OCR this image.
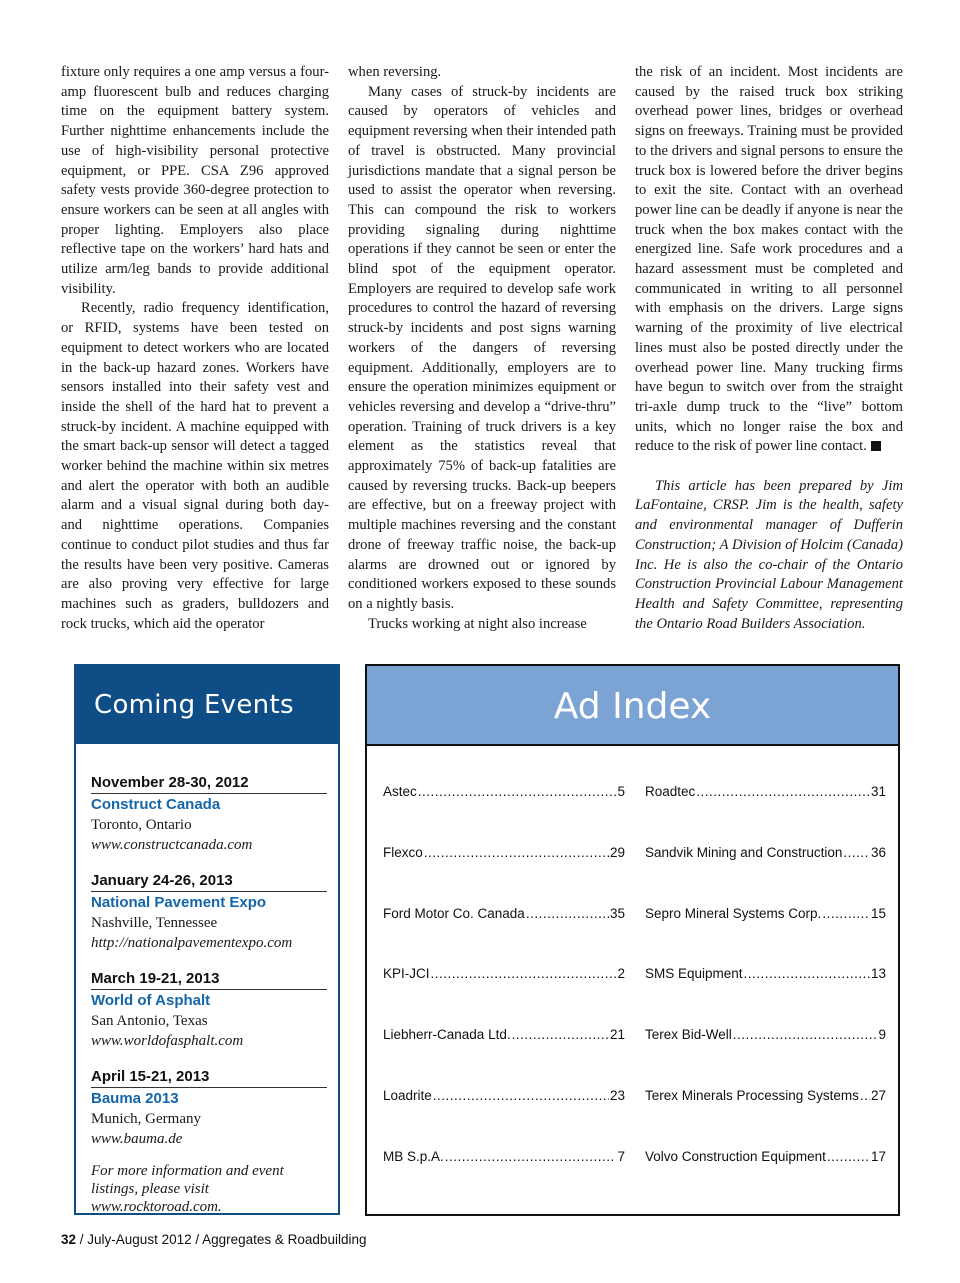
fixture only requires a one amp versus a four-amp fluorescent bulb and reduces charging time on the equipment battery system. Further nighttime enhancements include the use of high-visibility personal protective equipment, or PPE. CSA Z96 approved safety vests provide 360-degree protection to ensure workers can be seen at all angles with proper lighting. Employers also place reflective tape on the workers’ hard hats and utilize arm/leg bands to provide additional visibility.

Recently, radio frequency identification, or RFID, systems have been tested on equipment to detect workers who are located in the back-up hazard zones. Workers have sensors installed into their safety vest and inside the shell of the hard hat to prevent a struck-by incident. A machine equipped with the smart back-up sensor will detect a tagged worker behind the machine within six metres and alert the operator with both an audible alarm and a visual signal during both day- and nighttime operations. Companies continue to conduct pilot studies and thus far the results have been very positive. Cameras are also proving very effective for large machines such as graders, bulldozers and rock trucks, which aid the operator

when reversing.

Many cases of struck-by incidents are caused by operators of vehicles and equipment reversing when their intended path of travel is obstructed. Many provincial jurisdictions mandate that a signal person be used to assist the operator when reversing. This can compound the risk to workers providing signaling during nighttime operations if they cannot be seen or enter the blind spot of the equipment operator. Employers are required to develop safe work procedures to control the hazard of reversing struck-by incidents and post signs warning workers of the dangers of reversing equipment. Additionally, employers are to ensure the operation minimizes equipment or vehicles reversing and develop a “drive-thru” operation. Training of truck drivers is a key element as the statistics reveal that approximately 75% of back-up fatalities are caused by reversing trucks. Back-up beepers are effective, but on a freeway project with multiple machines reversing and the constant drone of freeway traffic noise, the back-up alarms are drowned out or ignored by conditioned workers exposed to these sounds on a nightly basis.

Trucks working at night also increase

the risk of an incident. Most incidents are caused by the raised truck box striking overhead power lines, bridges or overhead signs on freeways. Training must be provided to the drivers and signal persons to ensure the truck box is lowered before the driver begins to exit the site. Contact with an overhead power line can be deadly if anyone is near the truck when the box makes contact with the energized line. Safe work procedures and a hazard assessment must be completed and communicated in writing to all personnel with emphasis on the drivers. Large signs warning of the proximity of live electrical lines must also be posted directly under the overhead power line. Many trucking firms have begun to switch over from the straight tri-axle dump truck to the “live” bottom units, which no longer raise the box and reduce to the risk of power line contact.

This article has been prepared by Jim LaFontaine, CRSP. Jim is the health, safety and environmental manager of Dufferin Construction; A Division of Holcim (Canada) Inc. He is also the co-chair of the Ontario Construction Provincial Labour Management Health and Safety Committee, representing the Ontario Road Builders Association.

Coming Events
November 28-30, 2012
Construct Canada
Toronto, Ontario
www.constructcanada.com
January 24-26, 2013
National Pavement Expo
Nashville, Tennessee
http://nationalpavementexpo.com
March 19-21, 2013
World of Asphalt
San Antonio, Texas
www.worldofasphalt.com
April 15-21, 2013
Bauma 2013
Munich, Germany
www.bauma.de
For more information and event listings, please visit www.rocktoroad.com.
Ad Index
Astec .....	5
Flexco .....	29
Ford Motor Co. Canada .....	35
KPI-JCI .....	2
Liebherr-Canada Ltd. .....	21
Loadrite .....	23
MB S.p.A. .....	7
Roadtec .....	31
Sandvik Mining and Construction ..... 36
Sepro Mineral Systems Corp. .....	15
SMS Equipment .....	13
Terex Bid-Well .....	9
Terex Minerals Processing Systems ..... 27
Volvo Construction Equipment .....	17
32 / July-August 2012 / Aggregates & Roadbuilding
